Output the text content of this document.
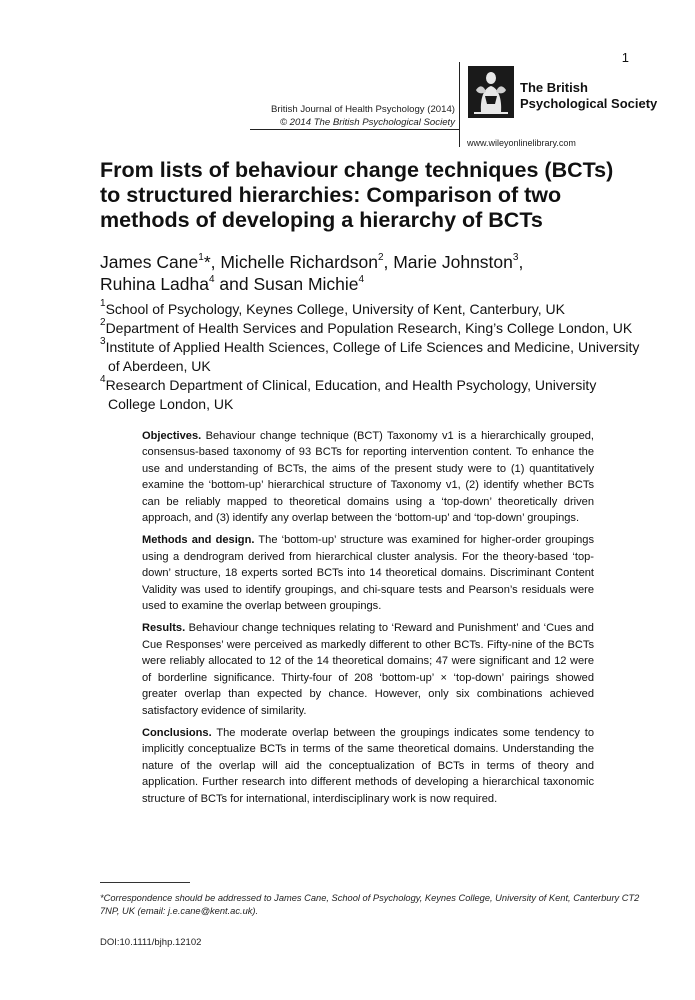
1
British Journal of Health Psychology (2014)
© 2014 The British Psychological Society
The British
Psychological Society
www.wileyonlinelibrary.com
From lists of behaviour change techniques (BCTs)
to structured hierarchies: Comparison of two
methods of developing a hierarchy of BCTs

James Cane$^1$*, Michelle Richardson$^2$, Marie Johnston$^3$,
Ruhina Ladha$^4$ and Susan Michie$^4$

$^1$School of Psychology, Keynes College, University of Kent, Canterbury, UK
$^2$Department of Health Services and Population Research, King’s College London, UK
$^3$Institute of Applied Health Sciences, College of Life Sciences and Medicine, University
of Aberdeen, UK
$^4$Research Department of Clinical, Education, and Health Psychology, University
College London, UK

Objectives. Behaviour change technique (BCT) Taxonomy v1 is a hierarchically grouped, consensus-based taxonomy of 93 BCTs for reporting intervention content. To enhance the use and understanding of BCTs, the aims of the present study were to (1) quantitatively examine the ‘bottom-up’ hierarchical structure of Taxonomy v1, (2) identify whether BCTs can be reliably mapped to theoretical domains using a ‘top-down’ theoretically driven approach, and (3) identify any overlap between the ‘bottom-up’ and ‘top-down’ groupings.

Methods and design. The ‘bottom-up’ structure was examined for higher-order groupings using a dendrogram derived from hierarchical cluster analysis. For the theory-based ‘top-down’ structure, 18 experts sorted BCTs into 14 theoretical domains. Discriminant Content Validity was used to identify groupings, and chi-square tests and Pearson’s residuals were used to examine the overlap between groupings.

Results. Behaviour change techniques relating to ‘Reward and Punishment’ and ‘Cues and Cue Responses’ were perceived as markedly different to other BCTs. Fifty-nine of the BCTs were reliably allocated to 12 of the 14 theoretical domains; 47 were significant and 12 were of borderline significance. Thirty-four of 208 ‘bottom-up’ × ‘top-down’ pairings showed greater overlap than expected by chance. However, only six combinations achieved satisfactory evidence of similarity.

Conclusions. The moderate overlap between the groupings indicates some tendency to implicitly conceptualize BCTs in terms of the same theoretical domains. Understanding the nature of the overlap will aid the conceptualization of BCTs in terms of theory and application. Further research into different methods of developing a hierarchical taxonomic structure of BCTs for international, interdisciplinary work is now required.

*Correspondence should be addressed to James Cane, School of Psychology, Keynes College, University of Kent, Canterbury CT2
7NP, UK (email: j.e.cane@kent.ac.uk).
DOI:10.1111/bjhp.12102
